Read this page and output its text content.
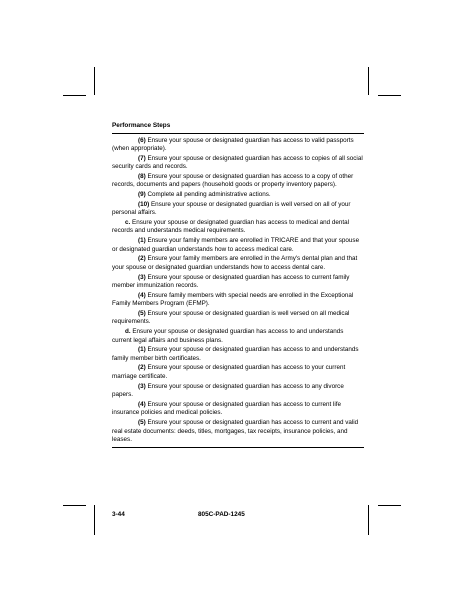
Performance Steps
(6) Ensure your spouse or designated guardian has access to valid passports (when appropriate).
(7) Ensure your spouse or designated guardian has access to copies of all social security cards and records.
(8) Ensure your spouse or designated guardian has access to a copy of other records, documents and papers (household goods or property inventory papers).
(9) Complete all pending administrative actions.
(10) Ensure your spouse or designated guardian is well versed on all of your personal affairs.
c. Ensure your spouse or designated guardian has access to medical and dental records and understands medical requirements.
(1) Ensure your family members are enrolled in TRICARE and that your spouse or designated guardian understands how to access medical care.
(2) Ensure your family members are enrolled in the Army's dental plan and that your spouse or designated guardian understands how to access dental care.
(3) Ensure your spouse or designated guardian has access to current family member immunization records.
(4) Ensure family members with special needs are enrolled in the Exceptional Family Members Program (EFMP).
(5) Ensure your spouse or designated guardian is well versed on all medical requirements.
d. Ensure your spouse or designated guardian has access to and understands current legal affairs and business plans.
(1) Ensure your spouse or designated guardian has access to and understands family member birth certificates.
(2) Ensure your spouse or designated guardian has access to your current marriage certificate.
(3) Ensure your spouse or designated guardian has access to any divorce papers.
(4) Ensure your spouse or designated guardian has access to current life insurance policies and medical policies.
(5) Ensure your spouse or designated guardian has access to current and valid real estate documents: deeds, titles, mortgages, tax receipts, insurance policies, and leases.
3-44	805C-PAD-1245
